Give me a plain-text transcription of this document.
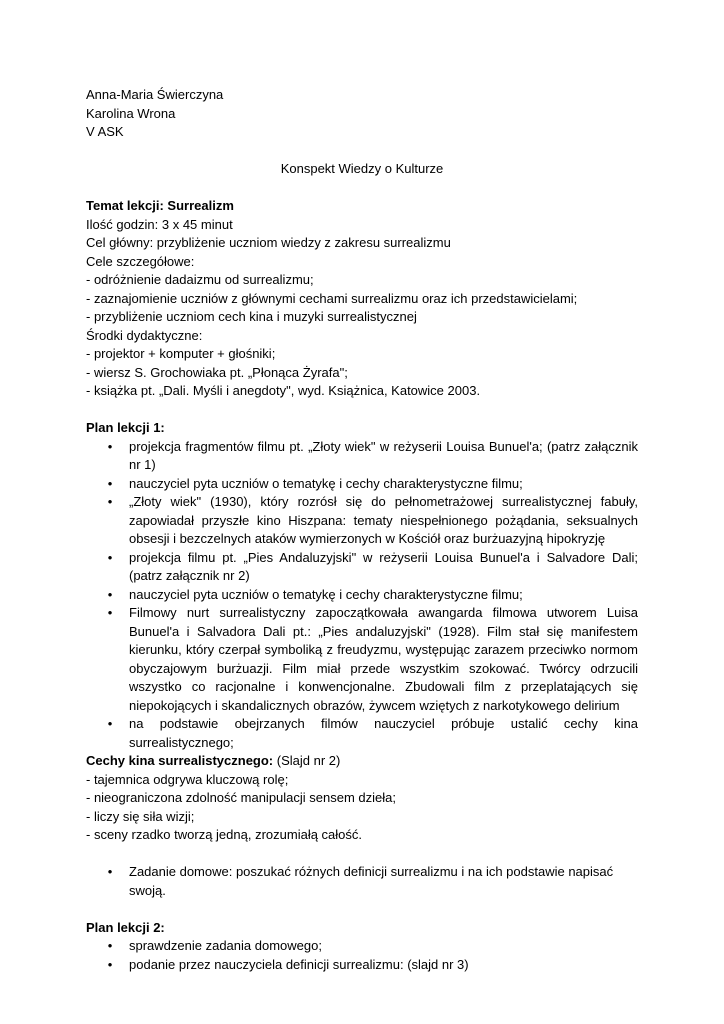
Anna-Maria Świerczyna
Karolina Wrona
V ASK
Konspekt Wiedzy o Kulturze
Temat lekcji: Surrealizm
Ilość godzin: 3 x 45 minut
Cel główny: przybliżenie uczniom wiedzy z zakresu surrealizmu
Cele szczegółowe:
- odróżnienie dadaizmu od surrealizmu;
- zaznajomienie uczniów z głównymi cechami surrealizmu oraz ich przedstawicielami;
- przybliżenie uczniom cech kina i muzyki surrealistycznej
Środki dydaktyczne:
- projektor + komputer + głośniki;
- wiersz S. Grochowiaka pt. „Płonąca Żyrafa";
- książka pt. „Dali. Myśli i anegdoty", wyd. Książnica, Katowice 2003.
Plan lekcji 1:
• projekcja fragmentów filmu pt. „Złoty wiek" w reżyserii Louisa Bunuel'a; (patrz załącznik nr 1)
• nauczyciel pyta uczniów o tematykę i cechy charakterystyczne filmu;
• „Złoty wiek" (1930), który rozrósł się do pełnometrażowej surrealistycznej fabuły, zapowiadał przyszłe kino Hiszpana: tematy niespełnionego pożądania, seksualnych obsesji i bezczelnych ataków wymierzonych w Kościół oraz burżuazyjną hipokryzję
• projekcja filmu pt. „Pies Andaluzyjski" w reżyserii Louisa Bunuel'a i Salvadore Dali; (patrz załącznik nr 2)
• nauczyciel pyta uczniów o tematykę i cechy charakterystyczne filmu;
• Filmowy nurt surrealistyczny zapoczątkowała awangarda filmowa utworem Luisa Bunuel'a i Salvadora Dali pt.: „Pies andaluzyjski" (1928). Film stał się manifestem kierunku, który czerpał symboliką z freudyzmu, występując zarazem przeciwko normom obyczajowym burżuazji. Film miał przede wszystkim szokować. Twórcy odrzucili wszystko co racjonalne i konwencjonalne. Zbudowali film z przeplatających się niepokojących i skandalicznych obrazów, żywcem wziętych z narkotykowego delirium
• na podstawie obejrzanych filmów nauczyciel próbuje ustalić cechy kina surrealistycznego;
Cechy kina surrealistycznego: (Slajd nr 2)
- tajemnica odgrywa kluczową rolę;
- nieograniczona zdolność manipulacji sensem dzieła;
- liczy się siła wizji;
- sceny rzadko tworzą jedną, zrozumiałą całość.
• Zadanie domowe: poszukać różnych definicji surrealizmu i na ich podstawie napisać swoją.
Plan lekcji 2:
• sprawdzenie zadania domowego;
• podanie przez nauczyciela definicji surrealizmu: (slajd nr 3)
